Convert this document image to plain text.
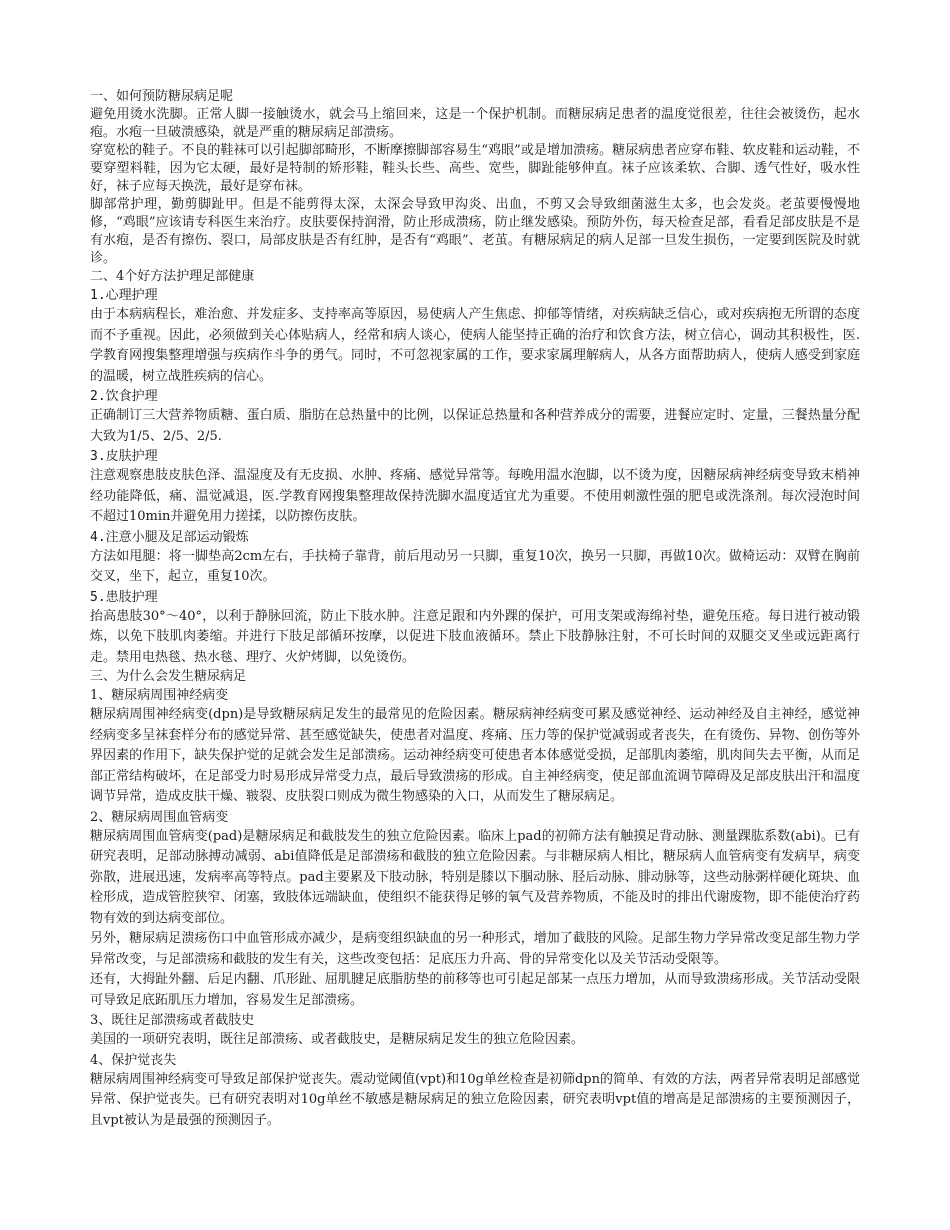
一、如何预防糖尿病足呢

避免用烫水洗脚。正常人脚一接触烫水，就会马上缩回来，这是一个保护机制。而糖尿病足患者的温度觉很差，往往会被烫伤，起水疱。水疱一旦破溃感染，就是严重的糖尿病足部溃疡。

穿宽松的鞋子。不良的鞋袜可以引起脚部畸形，不断摩擦脚部容易生“鸡眼”或是增加溃疡。糖尿病患者应穿布鞋、软皮鞋和运动鞋，不要穿塑料鞋，因为它太硬，最好是特制的矫形鞋，鞋头长些、高些、宽些，脚趾能够伸直。袜子应该柔软、合脚、透气性好，吸水性好，袜子应每天换洗，最好是穿布袜。

脚部常护理，勤剪脚趾甲。但是不能剪得太深，太深会导致甲沟炎、出血，不剪又会导致细菌滋生太多，也会发炎。老茧要慢慢地修，“鸡眼”应该请专科医生来治疗。皮肤要保持润滑，防止形成溃疡，防止继发感染。预防外伤，每天检查足部，看看足部皮肤是不是有水疱，是否有擦伤、裂口，局部皮肤是否有红肿，是否有“鸡眼”、老茧。有糖尿病足的病人足部一旦发生损伤，一定要到医院及时就诊。

二、4个好方法护理足部健康

1.心理护理

由于本病病程长，难治愈、并发症多、支持率高等原因，易使病人产生焦虑、抑郁等情绪，对疾病缺乏信心，或对疾病抱无所谓的态度而不予重视。因此，必须做到关心体贴病人，经常和病人谈心，使病人能坚持正确的治疗和饮食方法，树立信心，调动其积极性，医.学教育网搜集整理增强与疾病作斗争的勇气。同时，不可忽视家属的工作，要求家属理解病人，从各方面帮助病人，使病人感受到家庭的温暖，树立战胜疾病的信心。

2.饮食护理

正确制订三大营养物质糖、蛋白质、脂肪在总热量中的比例，以保证总热量和各种营养成分的需要，进餐应定时、定量，三餐热量分配大致为1/5、2/5、2/5.

3.皮肤护理

注意观察患肢皮肤色泽、温湿度及有无皮损、水肿、疼痛、感觉异常等。每晚用温水泡脚，以不烫为度，因糖尿病神经病变导致末梢神经功能降低，痛、温觉减退，医.学教育网搜集整理故保持洗脚水温度适宜尤为重要。不使用刺激性强的肥皂或洗涤剂。每次浸泡时间不超过10min并避免用力搓揉，以防擦伤皮肤。

4.注意小腿及足部运动锻炼

方法如甩腿：将一脚垫高2cm左右，手扶椅子靠背，前后甩动另一只脚，重复10次，换另一只脚，再做10次。做椅运动：双臂在胸前交叉，坐下，起立，重复10次。

5.患肢护理

抬高患肢30°～40°，以利于静脉回流，防止下肢水肿。注意足跟和内外踝的保护，可用支架或海绵衬垫，避免压疮。每日进行被动锻炼，以免下肢肌肉萎缩。并进行下肢足部循环按摩，以促进下肢血液循环。禁止下肢静脉注射，不可长时间的双腿交叉坐或远距离行走。禁用电热毯、热水毯、理疗、火炉烤脚，以免烫伤。

三、为什么会发生糖尿病足

1、糖尿病周围神经病变

糖尿病周围神经病变(dpn)是导致糖尿病足发生的最常见的危险因素。糖尿病神经病变可累及感觉神经、运动神经及自主神经，感觉神经病变多呈袜套样分布的感觉异常、甚至感觉缺失，使患者对温度、疼痛、压力等的保护觉减弱或者丧失，在有烫伤、异物、创伤等外界因素的作用下，缺失保护觉的足就会发生足部溃疡。运动神经病变可使患者本体感觉受损，足部肌肉萎缩，肌肉间失去平衡，从而足部正常结构破坏，在足部受力时易形成异常受力点，最后导致溃疡的形成。自主神经病变，使足部血流调节障碍及足部皮肤出汗和温度调节异常，造成皮肤干燥、皲裂、皮肤裂口则成为微生物感染的入口，从而发生了糖尿病足。

2、糖尿病周围血管病变

糖尿病周围血管病变(pad)是糖尿病足和截肢发生的独立危险因素。临床上pad的初筛方法有触摸足背动脉、测量踝肱系数(abi)。已有研究表明，足部动脉搏动减弱、abi值降低是足部溃疡和截肢的独立危险因素。与非糖尿病人相比，糖尿病人血管病变有发病早，病变弥散，进展迅速，发病率高等特点。pad主要累及下肢动脉，特别是膝以下腘动脉、胫后动脉、腓动脉等，这些动脉粥样硬化斑块、血栓形成，造成管腔狭窄、闭塞，致肢体远端缺血，使组织不能获得足够的氧气及营养物质，不能及时的排出代谢废物，即不能使治疗药物有效的到达病变部位。

另外，糖尿病足溃疡伤口中血管形成亦减少，是病变组织缺血的另一种形式，增加了截肢的风险。足部生物力学异常改变足部生物力学异常改变，与足部溃疡和截肢的发生有关，这些改变包括：足底压力升高、骨的异常变化以及关节活动受限等。

还有，大拇趾外翻、后足内翻、爪形趾、屈肌腱足底脂肪垫的前移等也可引起足部某一点压力增加，从而导致溃疡形成。关节活动受限可导致足底跖肌压力增加，容易发生足部溃疡。

3、既往足部溃疡或者截肢史

美国的一项研究表明，既往足部溃疡、或者截肢史，是糖尿病足发生的独立危险因素。

4、保护觉丧失

糖尿病周围神经病变可导致足部保护觉丧失。震动觉阈值(vpt)和10g单丝检查是初筛dpn的简单、有效的方法，两者异常表明足部感觉异常、保护觉丧失。已有研究表明对10g单丝不敏感是糖尿病足的独立危险因素，研究表明vpt值的增高是足部溃疡的主要预测因子，且vpt被认为是最强的预测因子。
